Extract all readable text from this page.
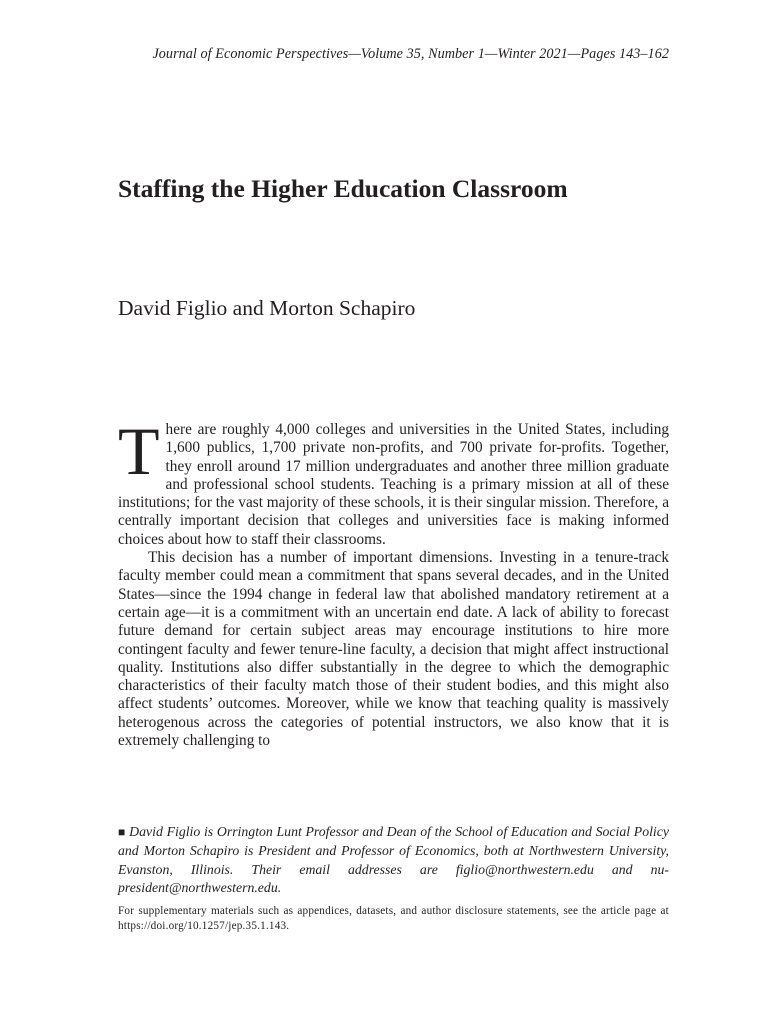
Journal of Economic Perspectives—Volume 35, Number 1—Winter 2021—Pages 143–162
Staffing the Higher Education Classroom
David Figlio and Morton Schapiro

There are roughly 4,000 colleges and universities in the United States, including 1,600 publics, 1,700 private non-profits, and 700 private for-profits. Together, they enroll around 17 million undergraduates and another three million graduate and professional school students. Teaching is a primary mission at all of these institutions; for the vast majority of these schools, it is their singular mission. Therefore, a centrally important decision that colleges and universities face is making informed choices about how to staff their classrooms.

This decision has a number of important dimensions. Investing in a tenure-track faculty member could mean a commitment that spans several decades, and in the United States—since the 1994 change in federal law that abolished mandatory retirement at a certain age—it is a commitment with an uncertain end date. A lack of ability to forecast future demand for certain subject areas may encourage institutions to hire more contingent faculty and fewer tenure-line faculty, a decision that might affect instructional quality. Institutions also differ substantially in the degree to which the demographic characteristics of their faculty match those of their student bodies, and this might also affect students’ outcomes. Moreover, while we know that teaching quality is massively heterogenous across the categories of potential instructors, we also know that it is extremely challenging to

■ David Figlio is Orrington Lunt Professor and Dean of the School of Education and Social Policy and Morton Schapiro is President and Professor of Economics, both at Northwestern University, Evanston, Illinois. Their email addresses are figlio@northwestern.edu and nu-president@northwestern.edu.
For supplementary materials such as appendices, datasets, and author disclosure statements, see the article page at https://doi.org/10.1257/jep.35.1.143.
